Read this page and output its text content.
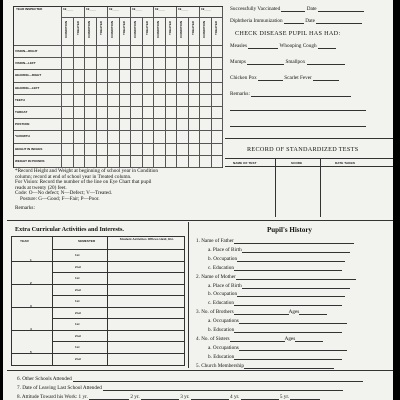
YEAR INSPECTED	19____	19____	19____	19____	19____	19____	19____
CONDITION	TREATED	CONDITION	TREATED	CONDITION	TREATED	CONDITION	TREATED	CONDITION	TREATED	CONDITION	TREATED	CONDITION	TREATED
VISION—RIGHT
VISION—LEFT
HEARING—RIGHT
HEARING—LEFT
TEETH
THROAT
POSTURE
*GROWTH
HEIGHT IN INCHES
WEIGHT IN POUNDS
*Record Height and Weight at beginning of school year in Condition
column; record at end of school year in Treated column.
For Vision: Record the number of the line on Eye Chart that pupil
reads at twenty (20) feet.
Code: O—No defect; N—Defect; V—Treated.
Posture: G—Good; F—Fair; P—Poor.
Remarks:
Successfully Vaccinated	Date
Diphtheria Immunization	Date
CHECK DISEASE PUPIL HAS HAD:
Measles	Whooping Cough
Mumps	Smallpox
Chicken Pox	Scarlet Fever
Remarks:
RECORD OF STANDARDIZED TESTS
NAME OF TEST	SCORE	DATE TAKEN
Extra Curricular Activities and Interests.
YEAR	SEMESTER	Student Activities Offices Held, Etc.
1
1st
2nd
2
1st
2nd
3
1st
2nd
4
1st
2nd
5
1st
2nd
Pupil's History
1. Name of Father
a. Place of Birth
b. Occupation
c. Education
2. Name of Mother
a. Place of Birth
b. Occupation
c. Education
3. No. of Brothers	Ages
a. Occupations
b. Education
4. No. of Sisters	Ages
a. Occupations
b. Education
5. Church Membership
6. Other Schools Attended
7. Date of Leaving Last School Attended
8. Attitude Toward his Work: 1 yr.	2 yr.	3 yr.	4 yr.	5 yr.
